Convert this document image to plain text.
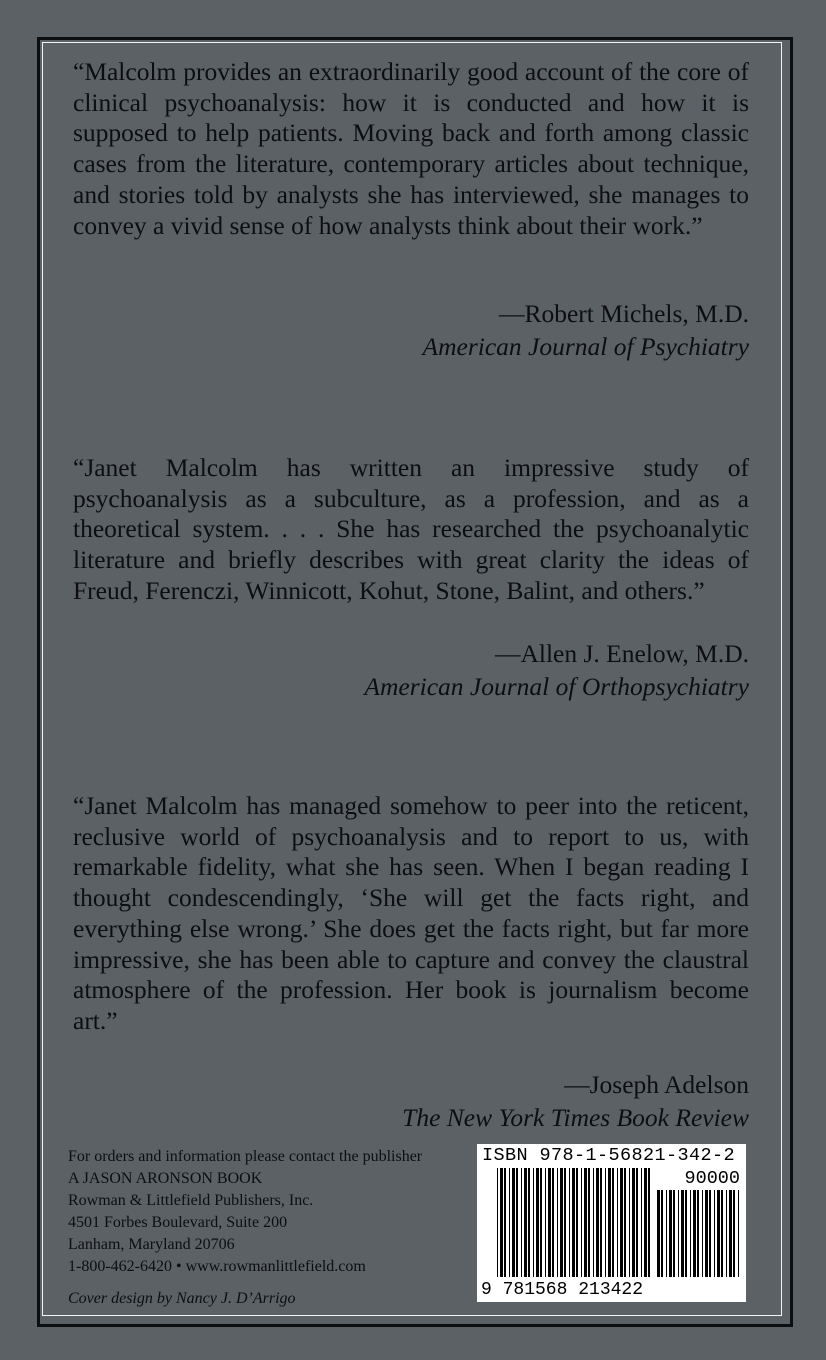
“Malcolm provides an extraordinarily good account of the core of clinical psychoanalysis: how it is conducted and how it is supposed to help patients. Moving back and forth among classic cases from the literature, contemporary articles about technique, and stories told by analysts she has interviewed, she manages to convey a vivid sense of how analysts think about their work.”

—Robert Michels, M.D.
American Journal of Psychiatry

“Janet Malcolm has written an impressive study of psychoanalysis as a subculture, as a profession, and as a theoretical system. . . . She has researched the psychoanalytic literature and briefly describes with great clarity the ideas of Freud, Ferenczi, Winnicott, Kohut, Stone, Balint, and others.”

—Allen J. Enelow, M.D.
American Journal of Orthopsychiatry

“Janet Malcolm has managed somehow to peer into the reticent, reclusive world of psychoanalysis and to report to us, with remarkable fidelity, what she has seen. When I began reading I thought condescendingly, ‘She will get the facts right, and everything else wrong.’ She does get the facts right, but far more impressive, she has been able to capture and convey the claustral atmosphere of the profession. Her book is journalism become art.”

—Joseph Adelson
The New York Times Book Review
For orders and information please contact the publisher
A JASON ARONSON BOOK
Rowman & Littlefield Publishers, Inc.
4501 Forbes Boulevard, Suite 200
Lanham, Maryland 20706
1-800-462-6420 • www.rowmanlittlefield.com
Cover design by Nancy J. D’Arrigo
ISBN 978-1-56821-342-2
90000
9 781568 213422
